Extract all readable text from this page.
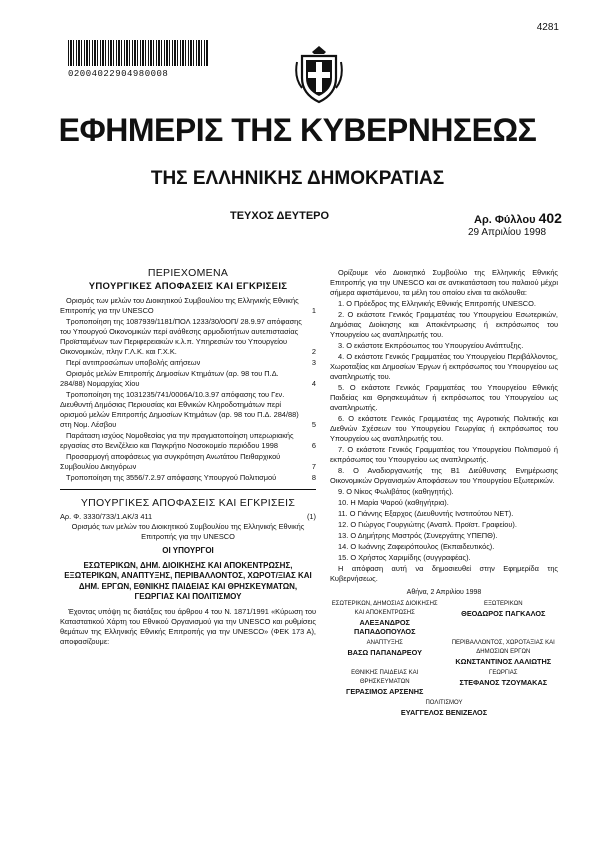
02004022904980008
4281
ΕΦΗΜΕΡΙΣ ΤΗΣ ΚΥΒΕΡΝΗΣΕΩΣ
ΤΗΣ ΕΛΛΗΝΙΚΗΣ ΔΗΜΟΚΡΑΤΙΑΣ
ΤΕΥΧΟΣ ΔΕΥΤΕΡΟ	Αρ. Φύλλου 402
29 Απριλίου 1998
ΠΕΡΙΕΧΟΜΕΝΑ
ΥΠΟΥΡΓΙΚΕΣ ΑΠΟΦΑΣΕΙΣ ΚΑΙ ΕΓΚΡΙΣΕΙΣ
Ορισμός των μελών του Διοικητικού Συμβουλίου της Ελληνικής Εθνικής Επιτροπής για την UNESCO	1
Τροποποίηση της 1087939/1181/ΠΟΛ 1233/30/0ΟΠ/ 28.9.97 απόφασης του Υπουργού Οικονομικών περί ανάθεσης αρμοδιοτήτων αυτεπιστασίας Προϊσταμένων των Περιφερειακών κ.λ.π. Υπηρεσιών του Υπουργείου Οικονομικών, πλην Γ.Λ.Κ. και Γ.Χ.Κ.	2
Περί αντιπροσώπων υποβολής αιτήσεων	3
Ορισμός μελών Επιτροπής Δημοσίων Κτημάτων (αρ. 98 του Π.Δ. 284/88) Νομαρχίας Χίου	4
Τροποποίηση της 1031235/741/0006Α/10.3.97 απόφασης του Γεν. Διευθυντή Δημόσιας Περιουσίας και Εθνικών Κληροδοτημάτων περί ορισμού μελών Επιτροπής Δημοσίων Κτημάτων (αρ. 98 του Π.Δ. 284/88) στη Νομ. Λέσβου	5
Παράταση ισχύος Νομοθεσίας για την πραγματοποίηση υπερωριακής εργασίας στο Βενιζέλειο και Παγκρήτιο Νοσοκομείο περιόδου 1998	6
Προσαρμογή αποφάσεως για συγκρότηση Ανωτάτου Πειθαρχικού Συμβουλίου Δικηγόρων	7
Τροποποίηση της 3556/7.2.97 απόφασης Υπουργού Πολιτισμού	8
ΥΠΟΥΡΓΙΚΕΣ ΑΠΟΦΑΣΕΙΣ ΚΑΙ ΕΓΚΡΙΣΕΙΣ
Αρ. Φ. 3330/733/1.ΑΚ/3 411	(1)
Ορισμός των μελών του Διοικητικού Συμβουλίου της Ελληνικής Εθνικής Επιτροπής για την UNESCO
ΟΙ ΥΠΟΥΡΓΟΙ
ΕΣΩΤΕΡΙΚΩΝ, ΔΗΜ. ΔΙΟΙΚΗΣΗΣ ΚΑΙ ΑΠΟΚΕΝΤΡΩΣΗΣ, ΕΞΩΤΕΡΙΚΩΝ, ΑΝΑΠΤΥΞΗΣ, ΠΕΡΙΒΑΛΛΟΝΤΟΣ, ΧΩΡΟΤ/ΞΙΑΣ ΚΑΙ ΔΗΜ. ΕΡΓΩΝ, ΕΘΝΙΚΗΣ ΠΑΙΔΕΙΑΣ ΚΑΙ ΘΡΗΣΚΕΥΜΑΤΩΝ, ΓΕΩΡΓΙΑΣ ΚΑΙ ΠΟΛΙΤΙΣΜΟΥ
Έχοντας υπόψη τις διατάξεις του άρθρου 4 του Ν. 1871/1991 «Κύρωση του Καταστατικού Χάρτη του Εθνικού Οργανισμού για την UNESCO και ρυθμίσεις θεμάτων της Ελληνικής Εθνικής Επιτροπής για την UNESCO» (ΦΕΚ 173 Α), αποφασίζουμε:
Ορίζουμε νέο Διοικητικό Συμβούλιο της Ελληνικής Εθνικής Επιτροπής για την UNESCO και σε αντικατάσταση του παλαιού μέχρι σήμερα αφιστάμενου, τα μέλη του οποίου είναι τα ακόλουθα:
1. Ο Πρόεδρος της Ελληνικής Εθνικής Επιτροπής UNESCO.
2. Ο εκάστοτε Γενικός Γραμματέας του Υπουργείου Εσωτερικών, Δημόσιας Διοίκησης και Αποκέντρωσης ή εκπρόσωπος του Υπουργείου ως αναπληρωτής του.
3. Ο εκάστοτε Εκπρόσωπος του Υπουργείου Ανάπτυξης.
4. Ο εκάστοτε Γενικός Γραμματέας του Υπουργείου Περιβάλλοντος, Χωροταξίας και Δημοσίων Έργων ή εκπρόσωπος του Υπουργείου ως αναπληρωτής του.
5. Ο εκάστοτε Γενικός Γραμματέας του Υπουργείου Εθνικής Παιδείας και Θρησκευμάτων ή εκπρόσωπος του Υπουργείου ως αναπληρωτής.
6. Ο εκάστοτε Γενικός Γραμματέας της Αγροτικής Πολιτικής και Διεθνών Σχέσεων του Υπουργείου Γεωργίας ή εκπρόσωπος του Υπουργείου ως αναπληρωτής του.
7. Ο εκάστοτε Γενικός Γραμματέας του Υπουργείου Πολιτισμού ή εκπρόσωπος του Υπουργείου ως αναπληρωτής.
8. Ο Αναδιοργανωτής της Β1 Διεύθυνσης Ενημέρωσης Οικονομικών Οργανισμών Αποφάσεων του Υπουργείου Εξωτερικών.
9. Ο Νίκος Φωλιβάτος (καθηγητής).
10. Η Μαρία Ψαρού (καθηγήτρια).
11. Ο Γιάννης Εξαρχος (Διευθυντής Ινστιτούτου ΝΕΤ).
12. Ο Γιώργος Γουργιώτης (Αναπλ. Προϊστ. Γραφείου).
13. Ο Δημήτρης Μαστρός (Συνεργάτης ΥΠΕΠΘ).
14. Ο Ιωάννης Ζαφειρόπουλος (Εκπαιδευτικός).
15. Ο Χρήστος Χαριμίδης (συγγραφέας).
Η απόφαση αυτή να δημοσιευθεί στην Εφημερίδα της Κυβερνήσεως.
Αθήνα, 2 Απριλίου 1998
ΕΣΩΤΕΡΙΚΩΝ, ΔΗΜΟΣΙΑΣ ΔΙΟΙΚΗΣΗΣ ΚΑΙ ΑΠΟΚΕΝΤΡΩΣΗΣ
ΑΛΕΞΑΝΔΡΟΣ ΠΑΠΑΔΟΠΟΥΛΟΣ
ΕΞΩΤΕΡΙΚΩΝ
ΘΕΟΔΩΡΟΣ ΠΑΓΚΑΛΟΣ
ΑΝΑΠΤΥΞΗΣ
ΒΑΣΩ ΠΑΠΑΝΔΡΕΟΥ
ΠΕΡΙΒΑΛΛΟΝΤΟΣ, ΧΩΡΟΤΑΞΙΑΣ ΚΑΙ ΔΗΜΟΣΙΩΝ ΕΡΓΩΝ
ΚΩΝΣΤΑΝΤΙΝΟΣ ΛΑΛΙΩΤΗΣ
ΕΘΝΙΚΗΣ ΠΑΙΔΕΙΑΣ ΚΑΙ ΘΡΗΣΚΕΥΜΑΤΩΝ
ΓΕΡΑΣΙΜΟΣ ΑΡΣΕΝΗΣ
ΓΕΩΡΓΙΑΣ
ΣΤΕΦΑΝΟΣ ΤΖΟΥΜΑΚΑΣ
ΠΟΛΙΤΙΣΜΟΥ
ΕΥΑΓΓΕΛΟΣ ΒΕΝΙΖΕΛΟΣ
